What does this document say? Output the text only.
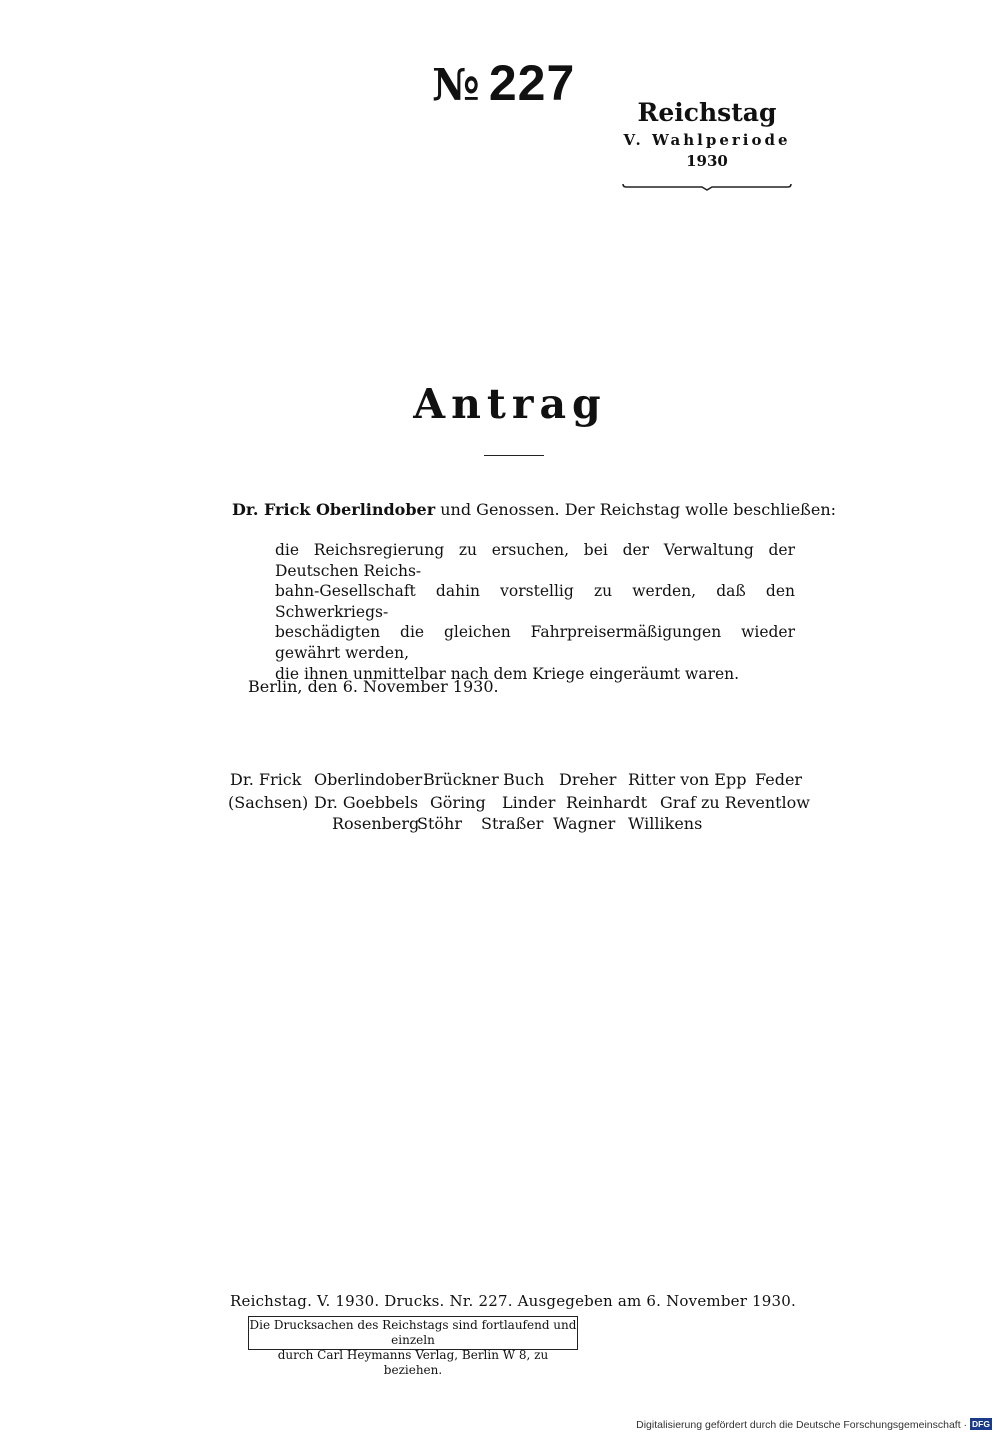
№ 227
Reichstag
V. Wahlperiode
1930
Antrag
Dr. Frick Oberlindober und Genossen. Der Reichstag wolle beschließen:
die Reichsregierung zu ersuchen, bei der Verwaltung der Deutschen Reichs-
bahn-Gesellschaft dahin vorstellig zu werden, daß den Schwerkriegs-
beschädigten die gleichen Fahrpreisermäßigungen wieder gewährt werden,
die ihnen unmittelbar nach dem Kriege eingeräumt waren.
Berlin, den 6. November 1930.
Dr. Frick Oberlindober Brückner Buch Dreher Ritter von Epp Feder
(Sachsen) Dr. Goebbels Göring Linder Reinhardt Graf zu Reventlow
Rosenberg
Stöhr Straßer Wagner Willikens
Reichstag. V. 1930. Drucks. Nr. 227. Ausgegeben am 6. November 1930.
Die Drucksachen des Reichstags sind fortlaufend und einzeln
durch Carl Heymanns Verlag, Berlin W 8, zu beziehen.
Digitalisierung gefördert durch die Deutsche Forschungsgemeinschaft · DFG
